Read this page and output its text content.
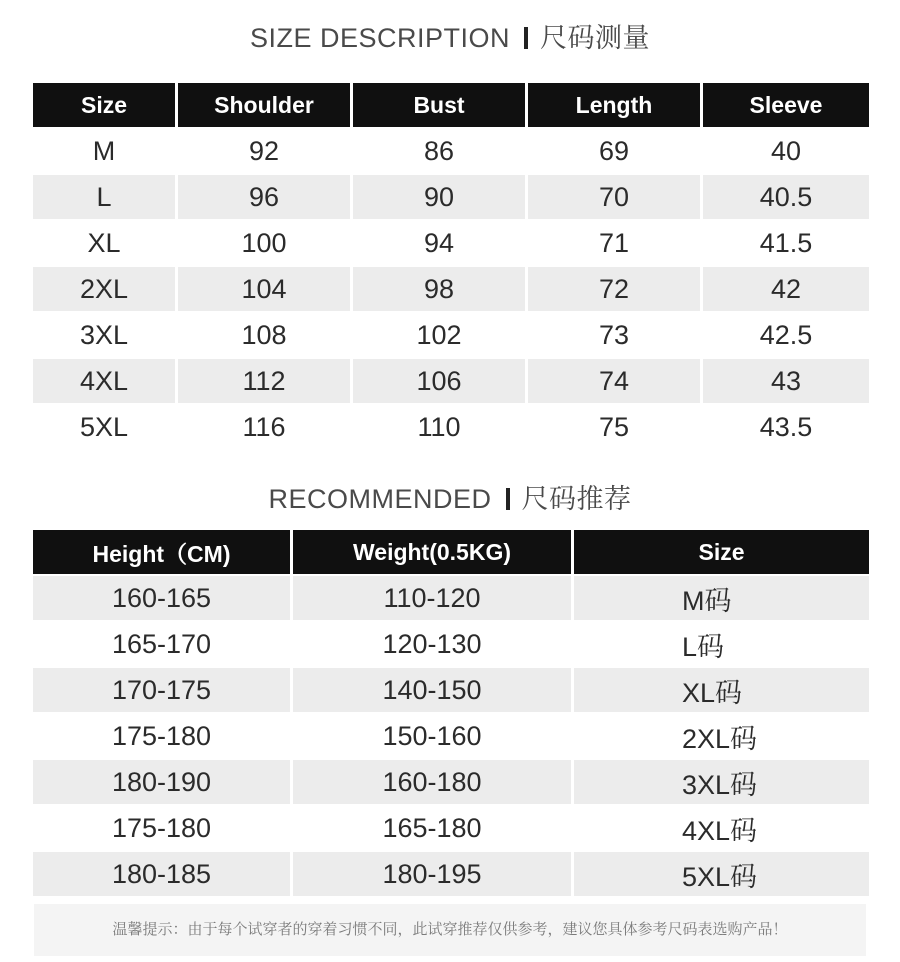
SIZE DESCRIPTION 尺码测量
Size	Shoulder	Bust	Length	Sleeve
M	92	86	69	40
L	96	90	70	40.5
XL	100	94	71	41.5
2XL	104	98	72	42
3XL	108	102	73	42.5
4XL	112	106	74	43
5XL	116	110	75	43.5
RECOMMENDED 尺码推荐
Height（CM)	Weight(0.5KG)	Size
160-165	110-120	M码
165-170	120-130	L码
170-175	140-150	XL码
175-180	150-160	2XL码
180-190	160-180	3XL码
175-180	165-180	4XL码
180-185	180-195	5XL码
温馨提示：由于每个试穿者的穿着习惯不同，此试穿推荐仅供参考，建议您具体参考尺码表选购产品！
